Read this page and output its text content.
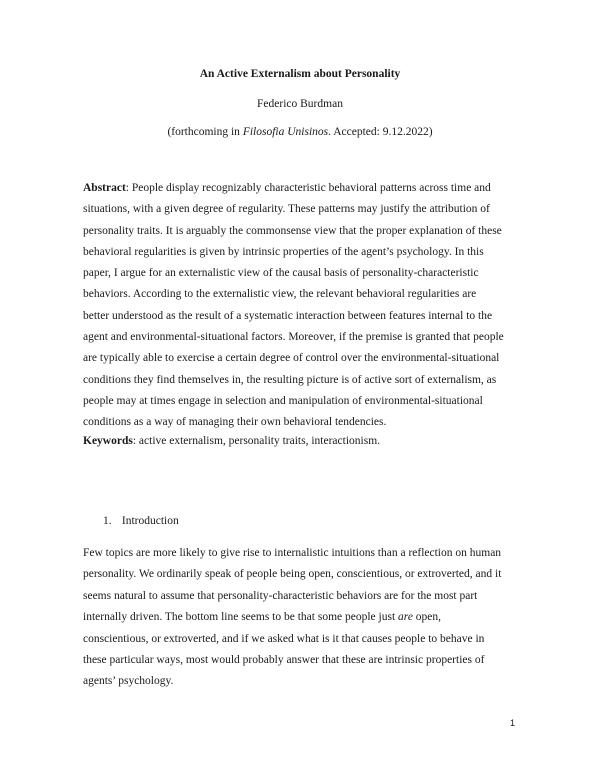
An Active Externalism about Personality
Federico Burdman
(forthcoming in Filosofia Unisinos. Accepted: 9.12.2022)

Abstract: People display recognizably characteristic behavioral patterns across time and
situations, with a given degree of regularity. These patterns may justify the attribution of
personality traits. It is arguably the commonsense view that the proper explanation of these
behavioral regularities is given by intrinsic properties of the agent’s psychology. In this
paper, I argue for an externalistic view of the causal basis of personality-characteristic
behaviors. According to the externalistic view, the relevant behavioral regularities are
better understood as the result of a systematic interaction between features internal to the
agent and environmental-situational factors. Moreover, if the premise is granted that people
are typically able to exercise a certain degree of control over the environmental-situational
conditions they find themselves in, the resulting picture is of active sort of externalism, as
people may at times engage in selection and manipulation of environmental-situational
conditions as a way of managing their own behavioral tendencies.

Keywords: active externalism, personality traits, interactionism.

1. Introduction

Few topics are more likely to give rise to internalistic intuitions than a reflection on human
personality. We ordinarily speak of people being open, conscientious, or extroverted, and it
seems natural to assume that personality-characteristic behaviors are for the most part
internally driven. The bottom line seems to be that some people just are open,
conscientious, or extroverted, and if we asked what is it that causes people to behave in
these particular ways, most would probably answer that these are intrinsic properties of
agents’ psychology.

1
